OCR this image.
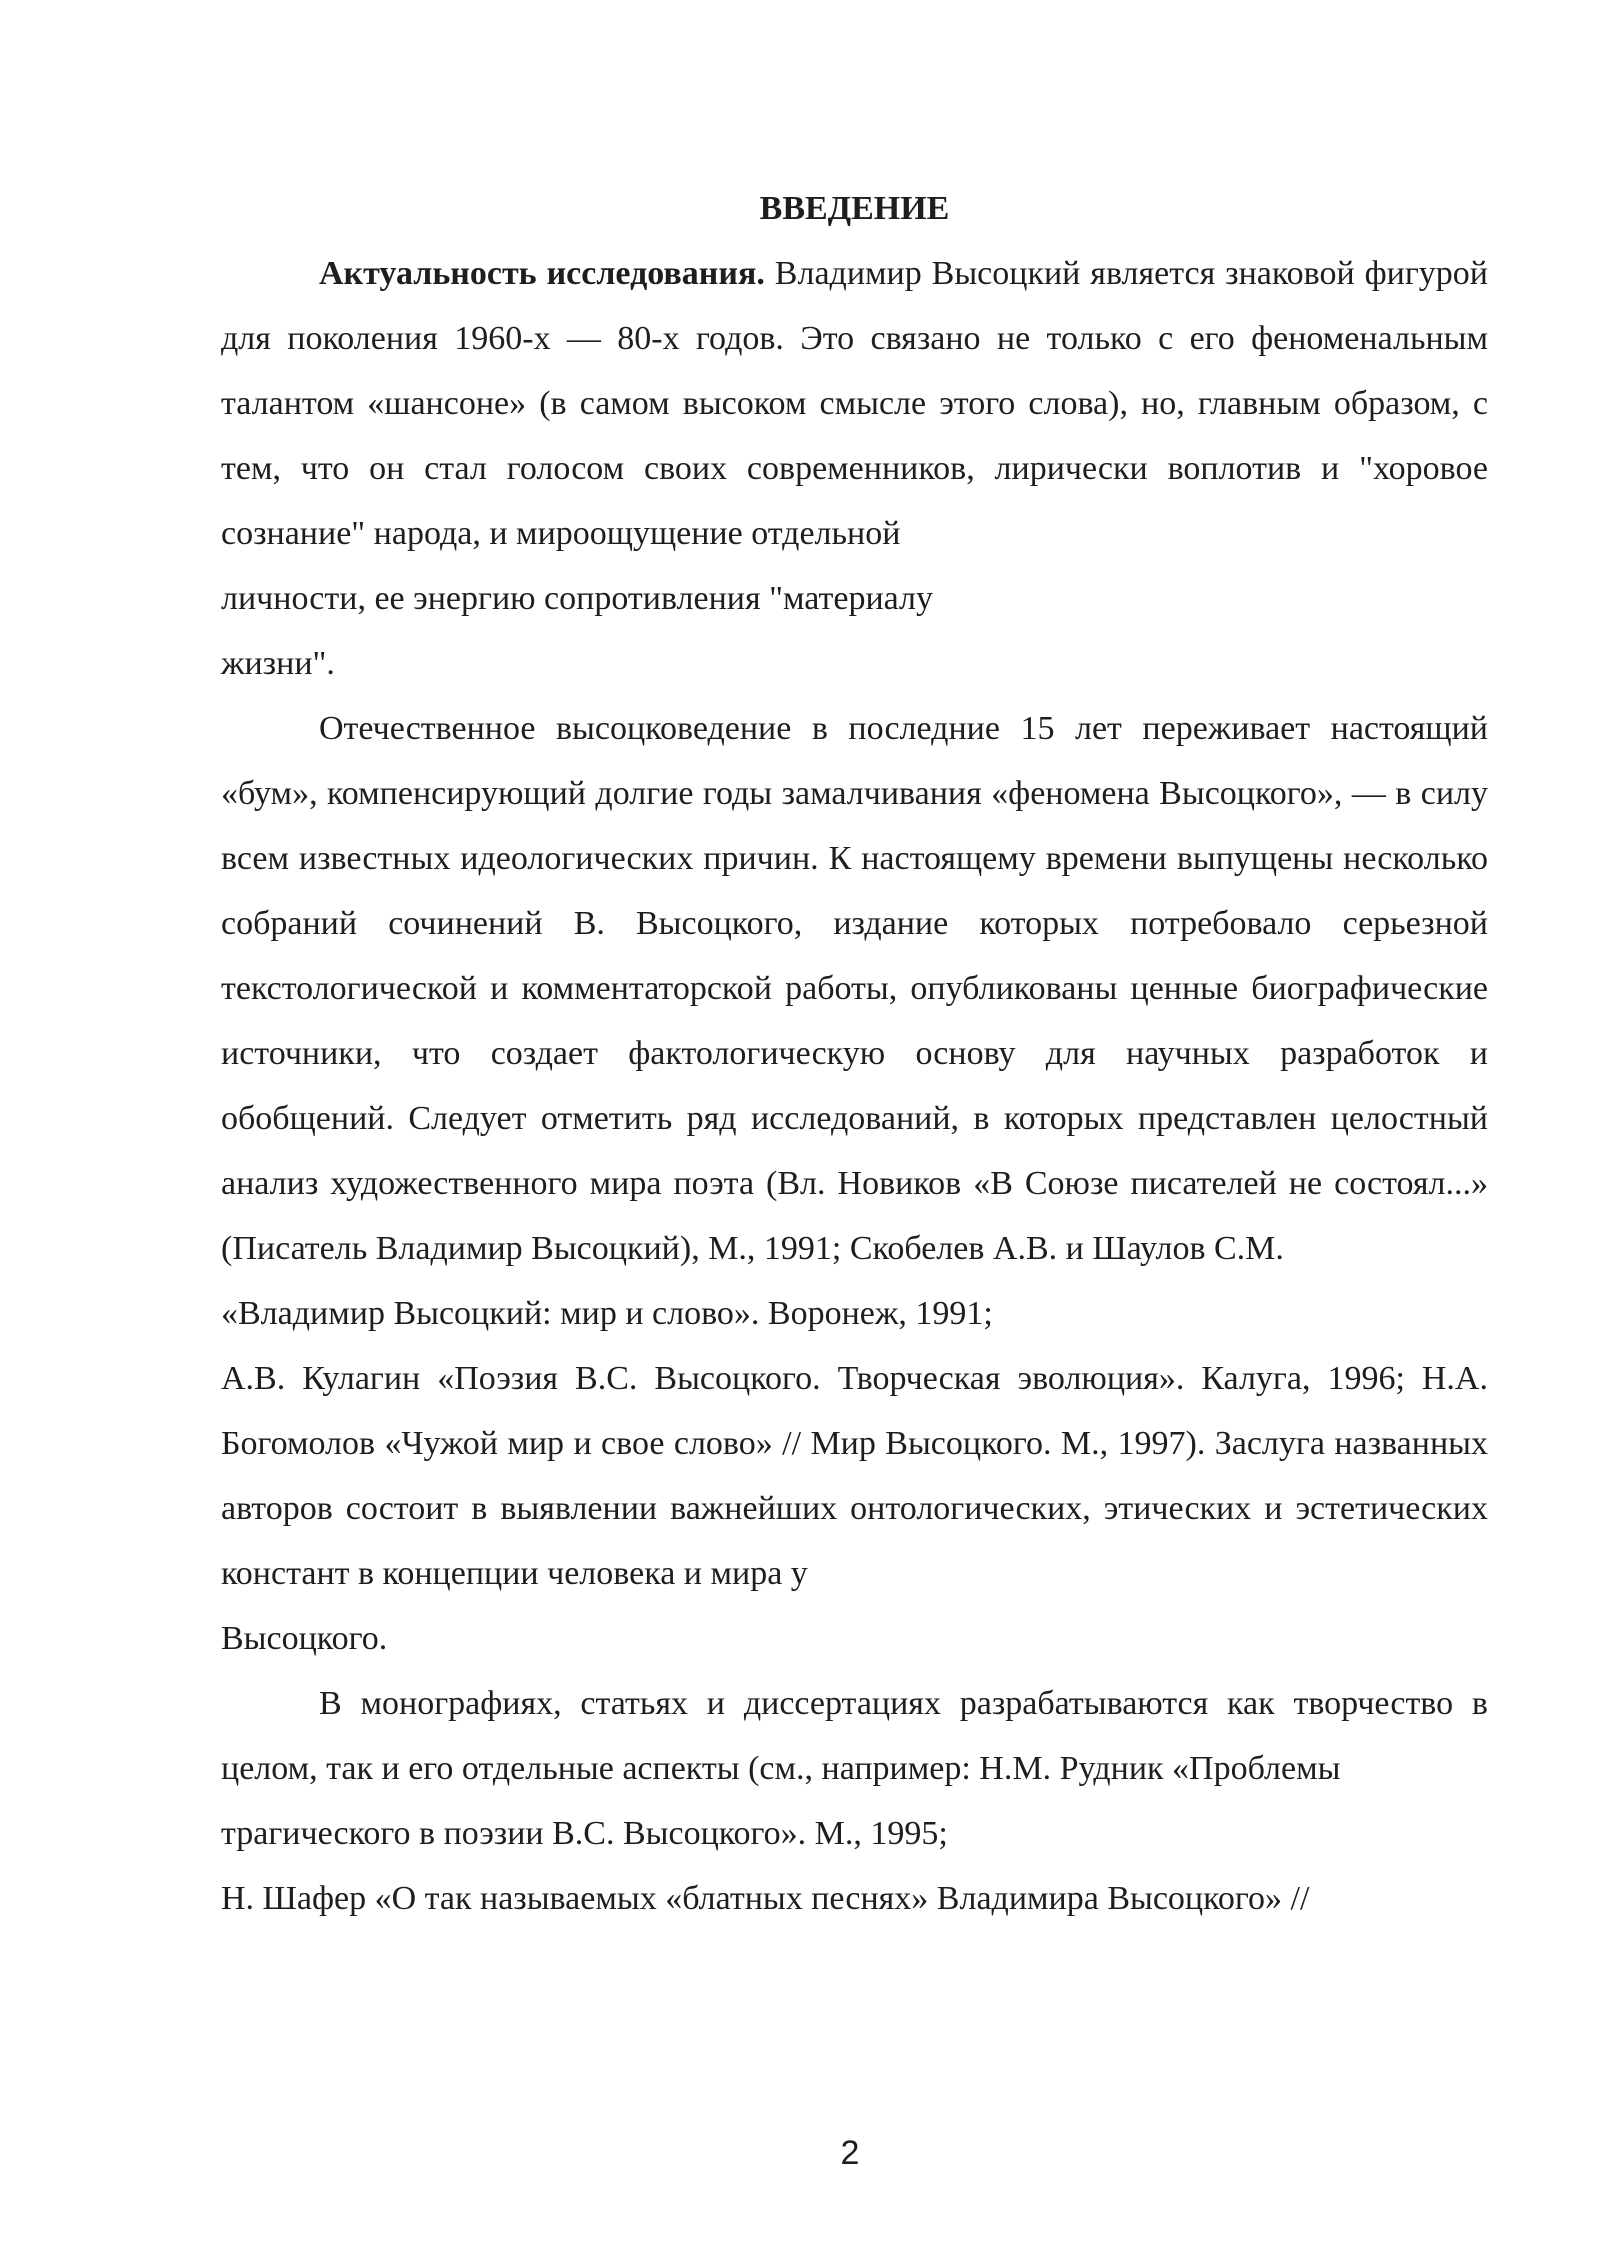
ВВЕДЕНИЕ

Актуальность исследования. Владимир Высоцкий является знаковой фигурой для поколения 1960-х — 80-х годов. Это связано не только с его феноменальным талантом «шансоне» (в самом высоком смысле этого слова), но, главным образом, с тем, что он стал голосом своих современников, лирически воплотив и "хоровое сознание" народа, и мироощущение отдельной

личности, ее энергию сопротивления "материалу

жизни".

Отечественное высоцковедение в последние 15 лет переживает настоящий «бум», компенсирующий долгие годы замалчивания «феномена Высоцкого», — в силу всем известных идеологических причин. К настоящему времени выпущены несколько собраний сочинений В. Высоцкого, издание которых потребовало серьезной текстологической и комментаторской работы, опубликованы ценные биографические источники, что создает фактологическую основу для научных разработок и обобщений. Следует отметить ряд исследований, в которых представлен целостный анализ художественного мира поэта (Вл. Новиков «В Союзе писателей не состоял...» (Писатель Владимир Высоцкий), М., 1991; Скобелев А.В. и Шаулов С.М.

«Владимир Высоцкий: мир и слово». Воронеж, 1991;

А.В. Кулагин «Поэзия В.С. Высоцкого. Творческая эволюция». Калуга, 1996; Н.А. Богомолов «Чужой мир и свое слово» // Мир Высоцкого. М., 1997). Заслуга названных авторов состоит в выявлении важнейших онтологических, этических и эстетических констант в концепции человека и мира у

Высоцкого.

В монографиях, статьях и диссертациях разрабатываются как творчество в целом, так и его отдельные аспекты (см., например: Н.М. Рудник «Проблемы

трагического в поэзии В.С. Высоцкого». М., 1995;

Н. Шафер «О так называемых «блатных песнях» Владимира Высоцкого» //

2
